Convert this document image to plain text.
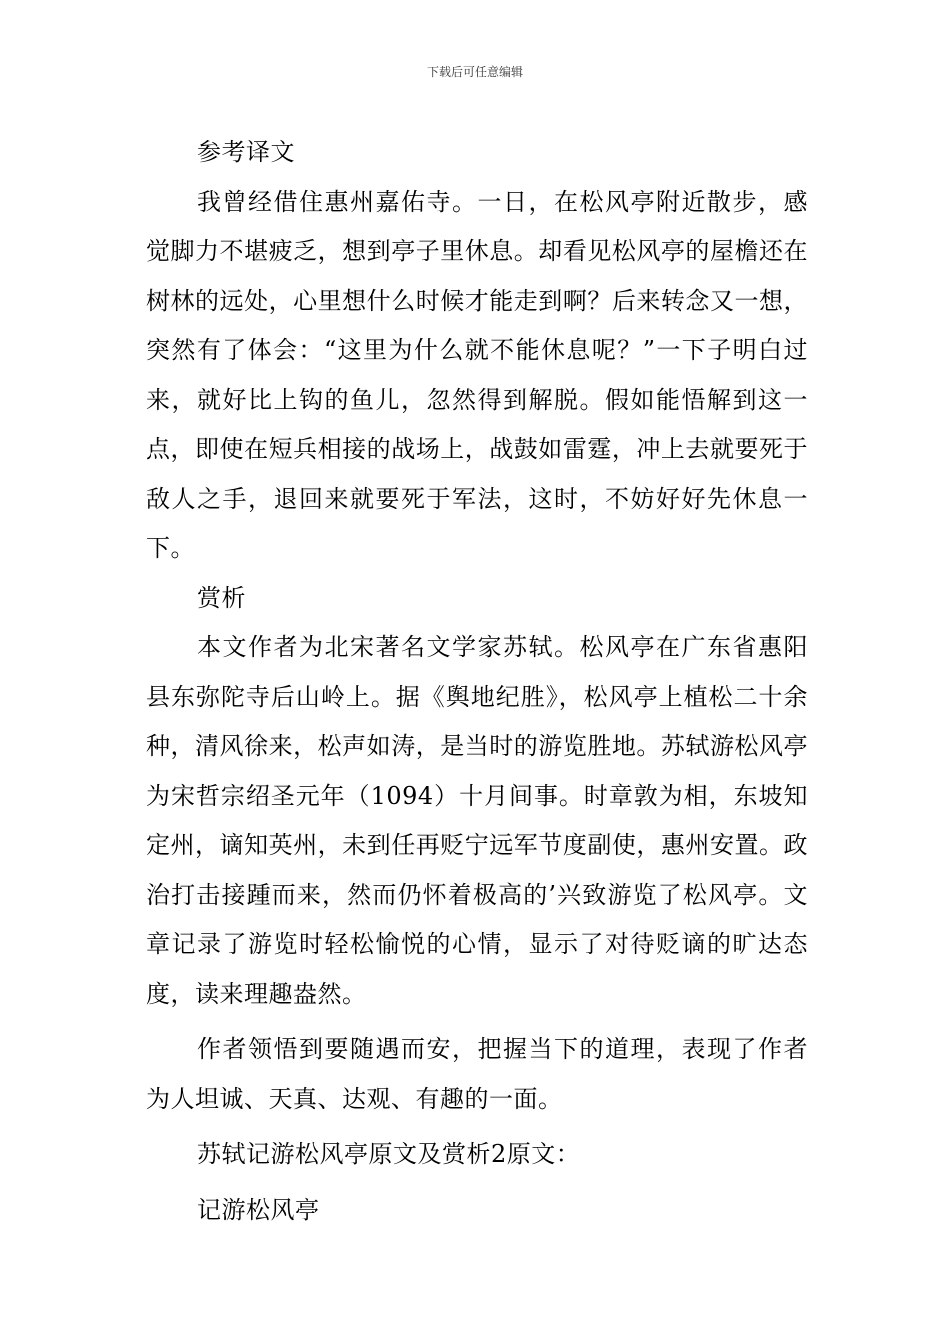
下载后可任意编辑

参考译文

我曾经借住惠州嘉佑寺。一日，在松风亭附近散步，感觉脚力不堪疲乏，想到亭子里休息。却看见松风亭的屋檐还在树林的远处，心里想什么时候才能走到啊？后来转念又一想，突然有了体会：“这里为什么就不能休息呢？”一下子明白过来，就好比上钩的鱼儿，忽然得到解脱。假如能悟解到这一点，即使在短兵相接的战场上，战鼓如雷霆，冲上去就要死于敌人之手，退回来就要死于军法，这时，不妨好好先休息一下。

赏析

本文作者为北宋著名文学家苏轼。松风亭在广东省惠阳县东弥陀寺后山岭上。据《舆地纪胜》，松风亭上植松二十余种，清风徐来，松声如涛，是当时的游览胜地。苏轼游松风亭为宋哲宗绍圣元年（1094）十月间事。时章敦为相，东坡知定州，谪知英州，未到任再贬宁远军节度副使，惠州安置。政治打击接踵而来，然而仍怀着极高的’兴致游览了松风亭。文章记录了游览时轻松愉悦的心情，显示了对待贬谪的旷达态度，读来理趣盎然。

作者领悟到要随遇而安，把握当下的道理，表现了作者为人坦诚、天真、达观、有趣的一面。

苏轼记游松风亭原文及赏析2原文：

记游松风亭
